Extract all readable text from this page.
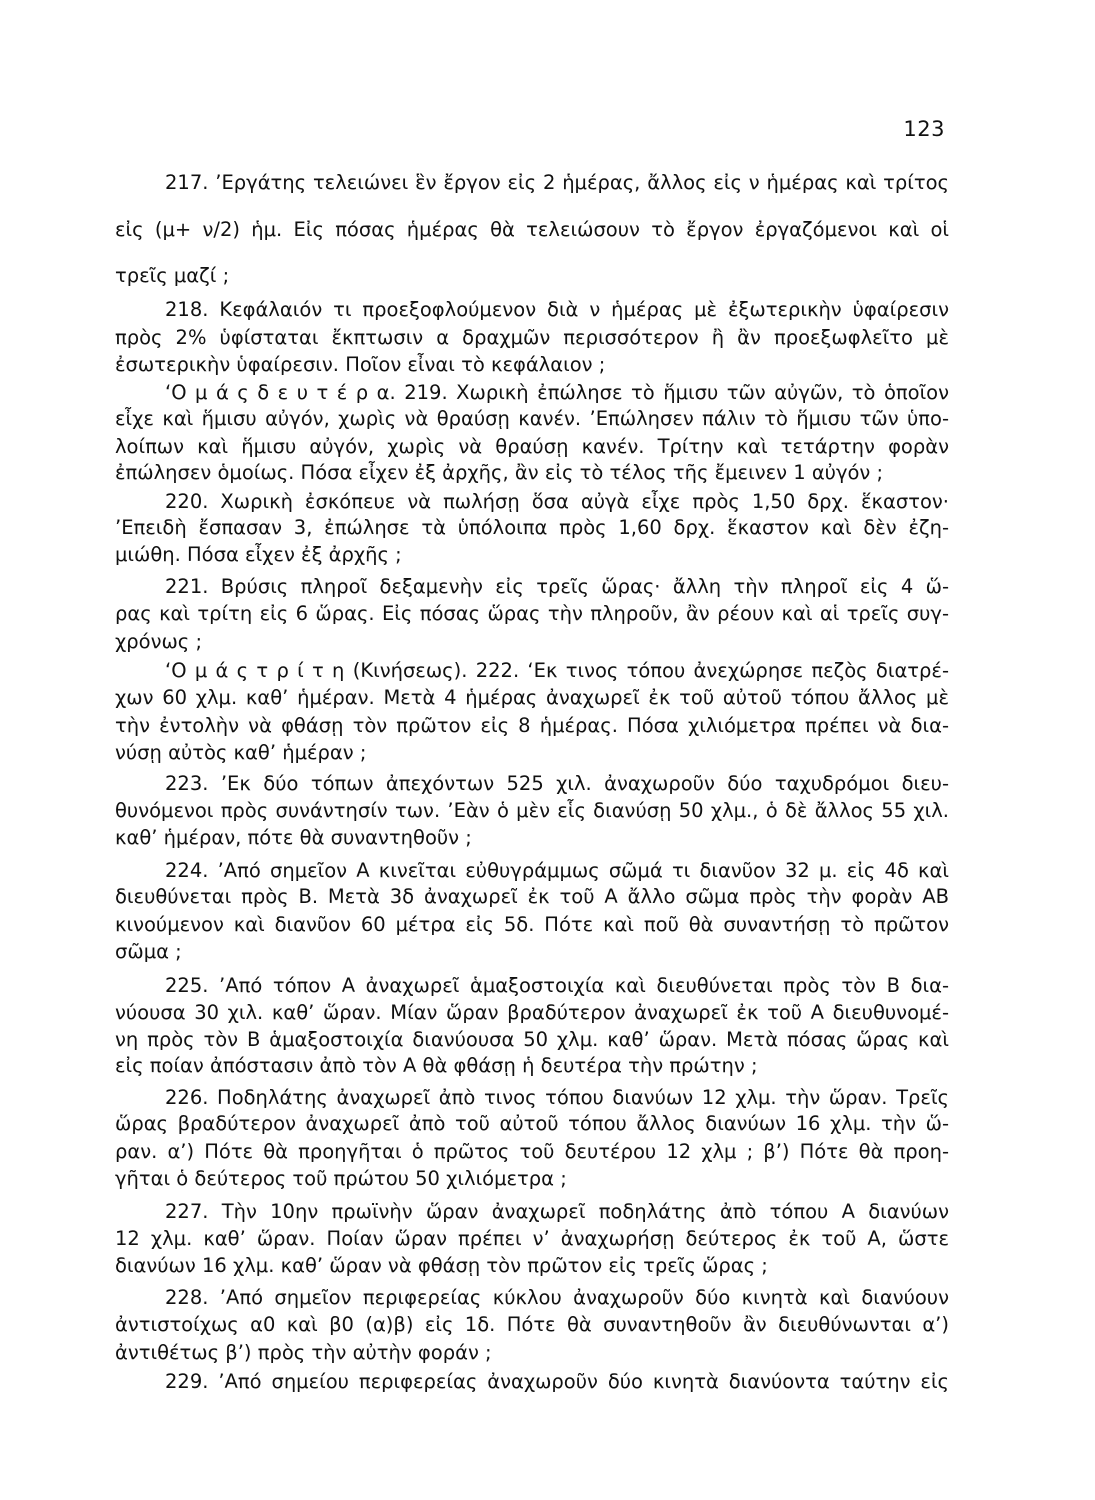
123
217. ’Εργάτης τελειώνει ἓν ἔργον εἰς 2 ἡμέρας, ἄλλος εἰς ν ἡμέρας καὶ τρίτος
εἰς (μ+ ν/2) ἡμ. Εἰς πόσας ἡμέρας θὰ τελειώσουν τὸ ἔργον ἐργαζόμενοι καὶ οἱ
τρεῖς μαζί ;
218. Κεφάλαιόν τι προεξοφλούμενον διὰ ν ἡμέρας μὲ ἐξωτερικὴν ὑφαίρεσιν
πρὸς 2% ὑφίσταται ἔκπτωσιν α δραχμῶν περισσότερον ἢ ἂν προεξωφλεῖτο μὲ
ἐσωτερικὴν ὑφαίρεσιν. Ποῖον εἶναι τὸ κεφάλαιον ;
‘Ο μ ά ς δ ε υ τ έ ρ α. 219. Χωρικὴ ἐπώλησε τὸ ἥμισυ τῶν αὐγῶν, τὸ ὁποῖον
εἶχε καὶ ἥμισυ αὐγόν, χωρὶς νὰ θραύσῃ κανέν. ’Επώλησεν πάλιν τὸ ἥμισυ τῶν ὑπο-
λοίπων καὶ ἥμισυ αὐγόν, χωρὶς νὰ θραύσῃ κανέν. Τρίτην καὶ τετάρτην φορὰν
ἐπώλησεν ὁμοίως. Πόσα εἶχεν ἐξ ἀρχῆς, ἂν εἰς τὸ τέλος τῆς ἔμεινεν 1 αὐγόν ;
220. Χωρικὴ ἐσκόπευε νὰ πωλήσῃ ὅσα αὐγὰ εἶχε πρὸς 1,50 δρχ. ἕκαστον·
’Επειδὴ ἔσπασαν 3, ἐπώλησε τὰ ὑπόλοιπα πρὸς 1,60 δρχ. ἕκαστον καὶ δὲν ἐζη-
μιώθη. Πόσα εἶχεν ἐξ ἀρχῆς ;
221. Βρύσις πληροῖ δεξαμενὴν εἰς τρεῖς ὥρας· ἄλλη τὴν πληροῖ εἰς 4 ὥ-
ρας καὶ τρίτη εἰς 6 ὥρας. Εἰς πόσας ὥρας τὴν πληροῦν, ἂν ρέουν καὶ αἱ τρεῖς συγ-
χρόνως ;
‘Ο μ ά ς τ ρ ί τ η (Κινήσεως). 222. ‘Εκ τινος τόπου ἀνεχώρησε πεζὸς διατρέ-
χων 60 χλμ. καθ’ ἡμέραν. Μετὰ 4 ἡμέρας ἀναχωρεῖ ἐκ τοῦ αὐτοῦ τόπου ἄλλος μὲ
τὴν ἐντολὴν νὰ φθάσῃ τὸν πρῶτον εἰς 8 ἡμέρας. Πόσα χιλιόμετρα πρέπει νὰ δια-
νύσῃ αὐτὸς καθ’ ἡμέραν ;
223. ’Εκ δύο τόπων ἀπεχόντων 525 χιλ. ἀναχωροῦν δύο ταχυδρόμοι διευ-
θυνόμενοι πρὸς συνάντησίν των. ’Εὰν ὁ μὲν εἷς διανύσῃ 50 χλμ., ὁ δὲ ἄλλος 55 χιλ.
καθ’ ἡμέραν, πότε θὰ συναντηθοῦν ;
224. ’Από σημεῖον Α κινεῖται εὐθυγράμμως σῶμά τι διανῦον 32 μ. εἰς 4δ καὶ
διευθύνεται πρὸς Β. Μετὰ 3δ ἀναχωρεῖ ἐκ τοῦ Α ἄλλο σῶμα πρὸς τὴν φορὰν ΑΒ
κινούμενον καὶ διανῦον 60 μέτρα εἰς 5δ. Πότε καὶ ποῦ θὰ συναντήσῃ τὸ πρῶτον
σῶμα ;
225. ’Από τόπον Α ἀναχωρεῖ ἁμαξοστοιχία καὶ διευθύνεται πρὸς τὸν Β δια-
νύουσα 30 χιλ. καθ’ ὥραν. Μίαν ὥραν βραδύτερον ἀναχωρεῖ ἐκ τοῦ Α διευθυνομέ-
νη πρὸς τὸν Β ἁμαξοστοιχία διανύουσα 50 χλμ. καθ’ ὥραν. Μετὰ πόσας ὥρας καὶ
εἰς ποίαν ἀπόστασιν ἀπὸ τὸν Α θὰ φθάσῃ ἡ δευτέρα τὴν πρώτην ;
226. Ποδηλάτης ἀναχωρεῖ ἀπὸ τινος τόπου διανύων 12 χλμ. τὴν ὥραν. Τρεῖς
ὥρας βραδύτερον ἀναχωρεῖ ἀπὸ τοῦ αὐτοῦ τόπου ἄλλος διανύων 16 χλμ. τὴν ὥ-
ραν. α’) Πότε θὰ προηγῆται ὁ πρῶτος τοῦ δευτέρου 12 χλμ ; β’) Πότε θὰ προη-
γῆται ὁ δεύτερος τοῦ πρώτου 50 χιλιόμετρα ;
227. Τὴν 10ην πρωϊνὴν ὥραν ἀναχωρεῖ ποδηλάτης ἀπὸ τόπου Α διανύων
12 χλμ. καθ’ ὥραν. Ποίαν ὥραν πρέπει ν’ ἀναχωρήσῃ δεύτερος ἐκ τοῦ Α, ὥστε
διανύων 16 χλμ. καθ’ ὥραν νὰ φθάσῃ τὸν πρῶτον εἰς τρεῖς ὥρας ;
228. ’Από σημεῖον περιφερείας κύκλου ἀναχωροῦν δύο κινητὰ καὶ διανύουν
ἀντιστοίχως α0 καὶ β0 (α)β) εἰς 1δ. Πότε θὰ συναντηθοῦν ἂν διευθύνωνται α’)
ἀντιθέτως β’) πρὸς τὴν αὐτὴν φοράν ;
229. ’Από σημείου περιφερείας ἀναχωροῦν δύο κινητὰ διανύοντα ταύτην εἰς
